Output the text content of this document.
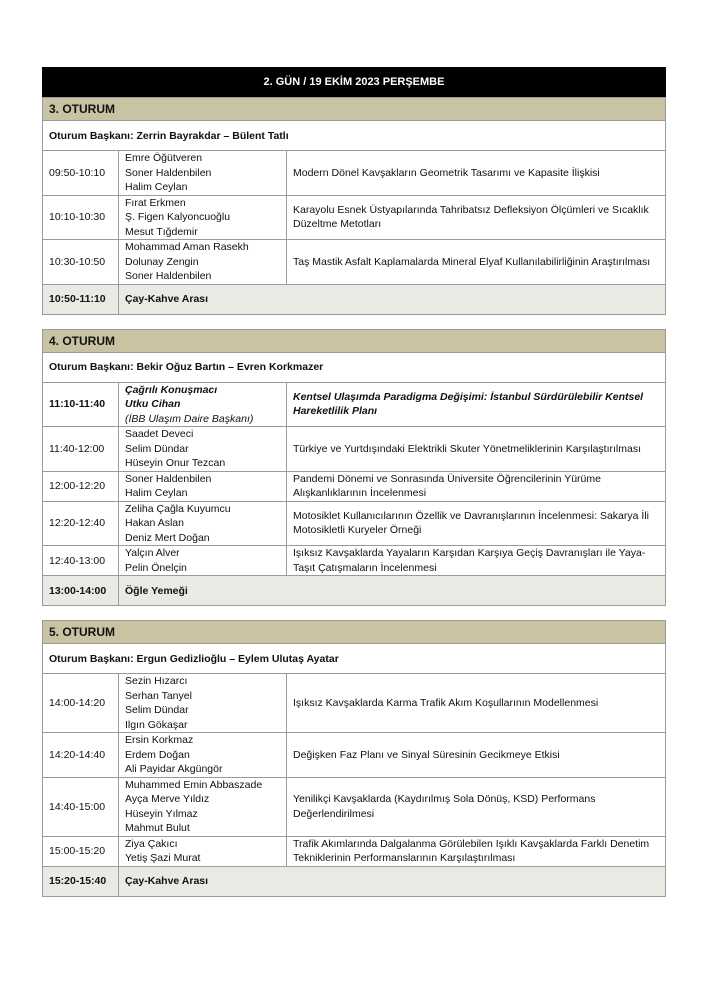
2. GÜN / 19 EKİM 2023 PERŞEMBE
3. OTURUM		
Oturum Başkanı: Zerrin Bayrakdar – Bülent Tatlı		
09:50-10:10	Emre Öğütveren
Soner Haldenbilen
Halim Ceylan	Modern Dönel Kavşakların Geometrik Tasarımı ve Kapasite İlişkisi
10:10-10:30	Fırat Erkmen
Ş. Figen Kalyoncuoğlu
Mesut Tığdemir	Karayolu Esnek Üstyapılarında Tahribatsız Defleksiyon Ölçümleri ve Sıcaklık Düzeltme Metotları
10:30-10:50	Mohammad Aman Rasekh
Dolunay Zengin
Soner Haldenbilen	Taş Mastik Asfalt Kaplamalarda Mineral Elyaf Kullanılabilirliğinin Araştırılması
10:50-11:10	Çay-Kahve Arası	
4. OTURUM		
Oturum Başkanı: Bekir Oğuz Bartın – Evren Korkmazer		
11:10-11:40	Çağrılı Konuşmacı
Utku Cihan
(İBB Ulaşım Daire Başkanı)	Kentsel Ulaşımda Paradigma Değişimi: İstanbul Sürdürülebilir Kentsel Hareketlilik Planı
11:40-12:00	Saadet Deveci
Selim Dündar
Hüseyin Onur Tezcan	Türkiye ve Yurtdışındaki Elektrikli Skuter Yönetmeliklerinin Karşılaştırılması
12:00-12:20	Soner Haldenbilen
Halim Ceylan	Pandemi Dönemi ve Sonrasında Üniversite Öğrencilerinin Yürüme Alışkanlıklarının İncelenmesi
12:20-12:40	Zeliha Çağla Kuyumcu
Hakan Aslan
Deniz Mert Doğan	Motosiklet Kullanıcılarının Özellik ve Davranışlarının İncelenmesi: Sakarya İli Motosikletli Kuryeler Örneği
12:40-13:00	Yalçın Alver
Pelin Önelçin	Işıksız Kavşaklarda Yayaların Karşıdan Karşıya Geçiş Davranışları ile Yaya-Taşıt Çatışmaların İncelenmesi
13:00-14:00	Öğle Yemeği	
5. OTURUM		
Oturum Başkanı: Ergun Gedizlioğlu – Eylem Ulutaş Ayatar		
14:00-14:20	Sezin Hızarcı
Serhan Tanyel
Selim Dündar
Ilgın Gökaşar	Işıksız Kavşaklarda Karma Trafik Akım Koşullarının Modellenmesi
14:20-14:40	Ersin Korkmaz
Erdem Doğan
Ali Payidar Akgüngör	Değişken Faz Planı ve Sinyal Süresinin Gecikmeye Etkisi
14:40-15:00	Muhammed Emin Abbaszade
Ayça Merve Yıldız
Hüseyin Yılmaz
Mahmut Bulut	Yenilikçi Kavşaklarda (Kaydırılmış Sola Dönüş, KSD) Performans Değerlendirilmesi
15:00-15:20	Ziya Çakıcı
Yetiş Şazi Murat	Trafik Akımlarında Dalgalanma Görülebilen Işıklı Kavşaklarda Farklı Denetim Tekniklerinin Performanslarının Karşılaştırılması
15:20-15:40	Çay-Kahve Arası	
